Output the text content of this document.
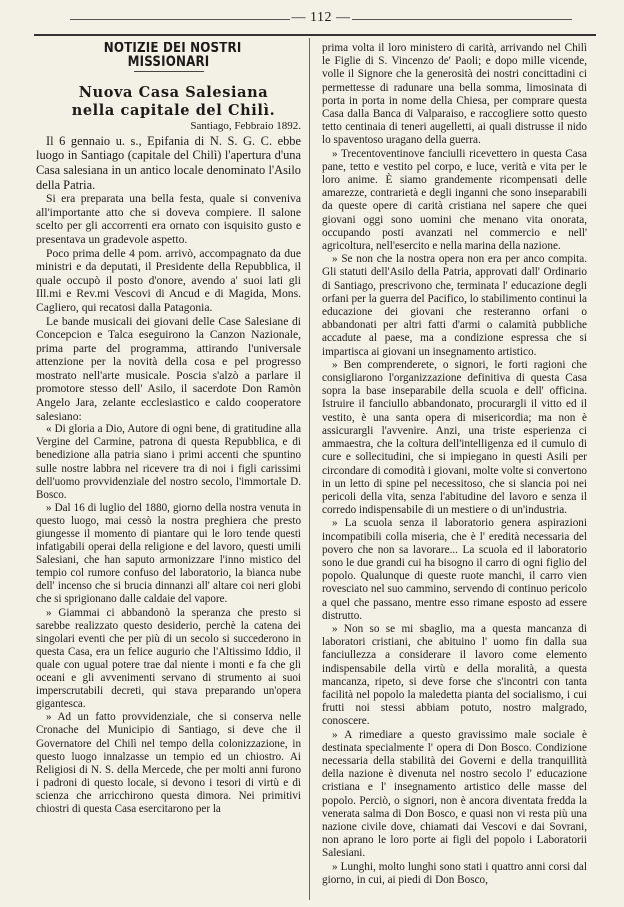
— 112 —

NOTIZIE DEI NOSTRI MISSIONARI

Nuova Casa Salesiana

nella capitale del Chilì.

Santiago, Febbraio 1892.

Il 6 gennaio u. s., Epifania di N. S. G. C. ebbe luogo in Santiago (capitale del Chilì) l'apertura d'una Casa salesiana in un antico locale denominato l'Asilo della Patria.

Si era preparata una bella festa, quale si conveniva all'importante atto che si doveva compiere. Il salone scelto per gli accorrenti era ornato con isquisito gusto e presentava un gradevole aspetto.

Poco prima delle 4 pom. arrivò, accompagnato da due ministri e da deputati, il Presidente della Repubblica, il quale occupò il posto d'onore, avendo a' suoi lati gli Ill.mi e Rev.mi Vescovi di Ancud e di Magida, Mons. Cagliero, qui recatosi dalla Patagonia.

Le bande musicali dei giovani delle Case Salesiane di Concepcion e Talca eseguirono la Canzon Nazionale, prima parte del programma, attirando l'universale attenzione per la novità della cosa e pel progresso mostrato nell'arte musicale. Poscia s'alzò a parlare il promotore stesso dell' Asilo, il sacerdote Don Ramòn Angelo Jara, zelante ecclesiastico e caldo cooperatore salesiano:

« Di gloria a Dio, Autore di ogni bene, di gratitudine alla Vergine del Carmine, patrona di questa Repubblica, e di benedizione alla patria siano i primi accenti che spuntino sulle nostre labbra nel ricevere tra di noi i figli carissimi dell'uomo provvidenziale del nostro secolo, l'immortale D. Bosco.

» Dal 16 di luglio del 1880, giorno della nostra venuta in questo luogo, mai cessò la nostra preghiera che presto giungesse il momento di piantare qui le loro tende questi infatigabili operai della religione e del lavoro, questi umili Salesiani, che han saputo armonizzare l'inno mistico del tempio col rumore confuso del laboratorio, la bianca nube dell' incenso che si brucia dinnanzi all' altare coi neri globi che si sprigionano dalle caldaie del vapore.

» Giammai ci abbandonò la speranza che presto si sarebbe realizzato questo desiderio, perchè la catena dei singolari eventi che per più di un secolo si succederono in questa Casa, era un felice augurio che l'Altissimo Iddio, il quale con ugual potere trae dal niente i monti e fa che gli oceani e gli avvenimenti servano di strumento ai suoi imperscrutabili decreti, qui stava preparando un'opera gigantesca.

» Ad un fatto provvidenziale, che si conserva nelle Cronache del Municipio di Santiago, si deve che il Governatore del Chilì nel tempo della colonizzazione, in questo luogo innalzasse un tempio ed un chiostro. Ai Religiosi di N. S. della Mercede, che per molti anni furono i padroni di questo locale, si devono i tesori di virtù e di scienza che arricchirono questa dimora. Nei primitivi chiostri di questa Casa esercitarono per la

prima volta il loro ministero di carità, arrivando nel Chilì le Figlie di S. Vincenzo de' Paoli; e dopo mille vicende, volle il Signore che la generosità dei nostri concittadini ci permettesse di radunare una bella somma, limosinata di porta in porta in nome della Chiesa, per comprare questa Casa dalla Banca di Valparaiso, e raccogliere sotto questo tetto centinaia di teneri augelletti, ai quali distrusse il nido lo spaventoso uragano della guerra.

» Trecentoventinove fanciulli ricevettero in questa Casa pane, tetto e vestito pel corpo, e luce, verità e vita per le loro anime. È siamo grandemente ricompensati delle amarezze, contrarietà e degli inganni che sono inseparabili da queste opere di carità cristiana nel sapere che quei giovani oggi sono uomini che menano vita onorata, occupando posti avanzati nel commercio e nell' agricoltura, nell'esercito e nella marina della nazione.

» Se non che la nostra opera non era per anco compita. Gli statuti dell'Asilo della Patria, approvati dall' Ordinario di Santiago, prescrivono che, terminata l' educazione degli orfani per la guerra del Pacifico, lo stabilimento continui la educazione dei giovani che resteranno orfani o abbandonati per altri fatti d'armi o calamità pubbliche accadute al paese, ma a condizione espressa che si impartisca ai giovani un insegnamento artistico.

» Ben comprenderete, o signori, le forti ragioni che consigliarono l'organizzazione definitiva di questa Casa sopra la base inseparabile della scuola e dell' officina. Istruire il fanciullo abbandonato, procurargli il vitto ed il vestito, è una santa opera di misericordia; ma non è assicurargli l'avvenire. Anzi, una triste esperienza ci ammaestra, che la coltura dell'intelligenza ed il cumulo di cure e sollecitudini, che si impiegano in questi Asili per circondare di comodità i giovani, molte volte si convertono in un letto di spine pel necessitoso, che si slancia poi nei pericoli della vita, senza l'abitudine del lavoro e senza il corredo indispensabile di un mestiere o di un'industria.

» La scuola senza il laboratorio genera aspirazioni incompatibili colla miseria, che è l' eredità necessaria del povero che non sa lavorare... La scuola ed il laboratorio sono le due grandi cui ha bisogno il carro di ogni figlio del popolo. Qualunque di queste ruote manchi, il carro vien rovesciato nel suo cammino, servendo di continuo pericolo a quel che passano, mentre esso rimane esposto ad essere distrutto.

» Non so se mi sbaglio, ma a questa mancanza di laboratori cristiani, che abituino l' uomo fin dalla sua fanciullezza a considerare il lavoro come elemento indispensabile della virtù e della moralità, a questa mancanza, ripeto, si deve forse che s'incontri con tanta facilità nel popolo la maledetta pianta del socialismo, i cui frutti noi stessi abbiam potuto, nostro malgrado, conoscere.

» A rimediare a questo gravissimo male sociale è destinata specialmente l' opera di Don Bosco. Condizione necessaria della stabilità dei Governi e della tranquillità della nazione è divenuta nel nostro secolo l' educazione cristiana e l' insegnamento artistico delle masse del popolo. Perciò, o signori, non è ancora diventata fredda la venerata salma di Don Bosco, e quasi non vi resta più una nazione civile dove, chiamati dai Vescovi e dai Sovrani, non aprano le loro porte ai figli del popolo i Laboratorii Salesiani.

» Lunghi, molto lunghi sono stati i quattro anni corsi dal giorno, in cui, ai piedi di Don Bosco,
